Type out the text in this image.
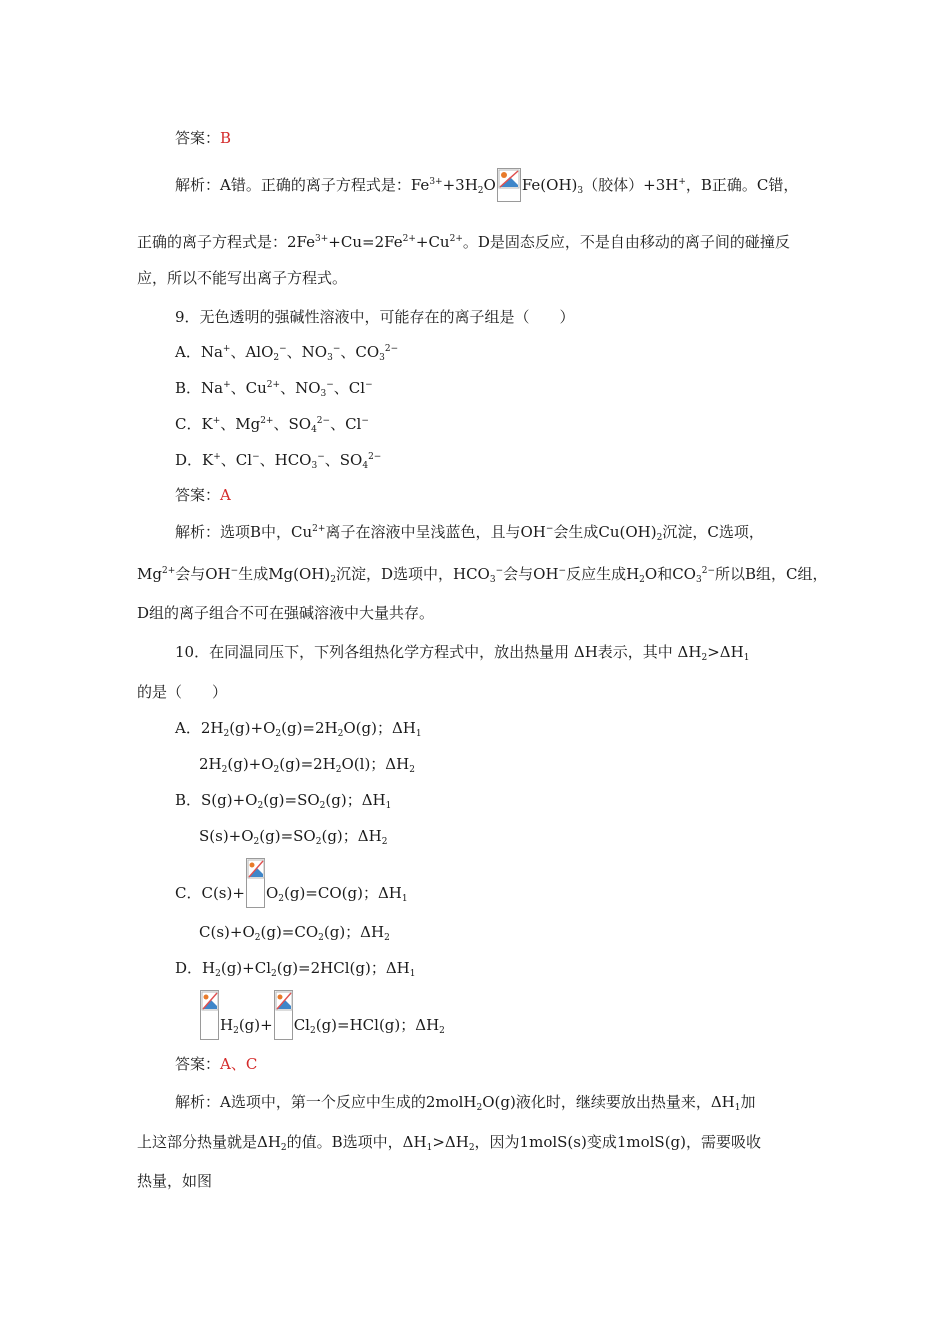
答案：B
解析：A错。正确的离子方程式是：$Fe^{3+}+3H_2O$ $Fe(OH)_3$（胶体）+3H+，B正确。C错，
正确的离子方程式是：$2Fe^{3+}+Cu=2Fe^{2+}+Cu^{2+}$。D是固态反应，不是自由移动的离子间的碰撞反
应，所以不能写出离子方程式。
9．无色透明的强碱性溶液中，可能存在的离子组是（　　）
A．Na+、AlO$_2$−、$NO_3^-$、$CO_3^{2-}$
B．Na+、$Cu^{2+}$、$NO_3^-$、Cl−
C．K+、$Mg^{2+}$、$SO_4^{2-}$、Cl−
D．K+、Cl−、$HCO_3^-$、$SO_4^{2-}$
答案：A
解析：选项B中，$Cu^{2+}$离子在溶液中呈浅蓝色，且与OH−会生成$Cu(OH)_2$沉淀，C选项，
$Mg^{2+}$会与OH−生成$Mg(OH)_2$沉淀，D选项中，$HCO_3^-$会与OH−反应生成$H_2O$和$CO_3^{2-}$所以B组，C组，
D组的离子组合不可在强碱溶液中大量共存。
10．在同温同压下，下列各组热化学方程式中，放出热量用 ΔH表示，其中 $\Delta H_2>\Delta H_1$
的是（　　）
A．$2H_2(g)+O_2(g)=2H_2O(g)$；$\Delta H_1$
$2H_2(g)+O_2(g)=2H_2O(l)$；$\Delta H_2$
B．$S(g)+O_2(g)=SO_2(g)$；$\Delta H_1$
$S(s)+O_2(g)=SO_2(g)$；$\Delta H_2$
C．$C(s)+ O_2(g)=CO(g)$；$\Delta H_1$
$C(s)+O_2(g)=CO_2(g)$；$\Delta H_2$
D．$H_2(g)+Cl_2(g)=2HCl(g)$；$\Delta H_1$
$H_2(g)+ Cl_2(g)=HCl(g)$；$\Delta H_2$
答案：A、C
解析：A选项中，第一个反应中生成的2molH$_2$O(g)液化时，继续要放出热量来，$\Delta H_1$加
上这部分热量就是$\Delta H_2$的值。B选项中，$\Delta H_1>\Delta H_2$，因为1molS(s)变成1molS(g)，需要吸收
热量，如图
